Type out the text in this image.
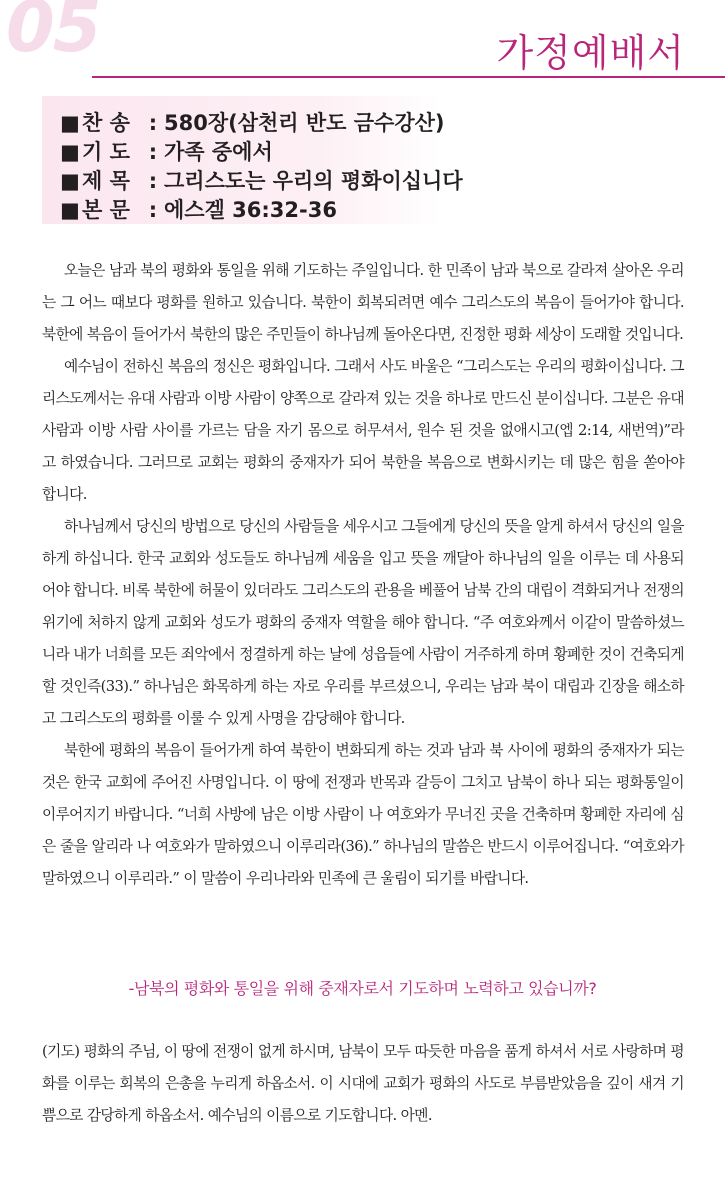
05	가정예배서
■ 찬 송 : 580장(삼천리 반도 금수강산)
■ 기 도 : 가족 중에서
■ 제 목 : 그리스도는 우리의 평화이십니다
■ 본 문 : 에스겔 36:32-36

오늘은 남과 북의 평화와 통일을 위해 기도하는 주일입니다. 한 민족이 남과 북으로 갈라져 살아온 우리는 그 어느 때보다 평화를 원하고 있습니다. 북한이 회복되려면 예수 그리스도의 복음이 들어가야 합니다. 북한에 복음이 들어가서 북한의 많은 주민들이 하나님께 돌아온다면, 진정한 평화 세상이 도래할 것입니다.

예수님이 전하신 복음의 정신은 평화입니다. 그래서 사도 바울은 “그리스도는 우리의 평화이십니다. 그리스도께서는 유대 사람과 이방 사람이 양쪽으로 갈라져 있는 것을 하나로 만드신 분이십니다. 그분은 유대 사람과 이방 사람 사이를 가르는 담을 자기 몸으로 허무셔서, 원수 된 것을 없애시고(엡 2:14, 새번역)”라고 하였습니다. 그러므로 교회는 평화의 중재자가 되어 북한을 복음으로 변화시키는 데 많은 힘을 쏟아야 합니다.

하나님께서 당신의 방법으로 당신의 사람들을 세우시고 그들에게 당신의 뜻을 알게 하셔서 당신의 일을 하게 하십니다. 한국 교회와 성도들도 하나님께 세움을 입고 뜻을 깨달아 하나님의 일을 이루는 데 사용되어야 합니다. 비록 북한에 허물이 있더라도 그리스도의 관용을 베풀어 남북 간의 대립이 격화되거나 전쟁의 위기에 처하지 않게 교회와 성도가 평화의 중재자 역할을 해야 합니다. “주 여호와께서 이같이 말씀하셨느니라 내가 너희를 모든 죄악에서 정결하게 하는 날에 성읍들에 사람이 거주하게 하며 황폐한 것이 건축되게 할 것인즉(33).” 하나님은 화목하게 하는 자로 우리를 부르셨으니, 우리는 남과 북이 대립과 긴장을 해소하고 그리스도의 평화를 이룰 수 있게 사명을 감당해야 합니다.

북한에 평화의 복음이 들어가게 하여 북한이 변화되게 하는 것과 남과 북 사이에 평화의 중재자가 되는 것은 한국 교회에 주어진 사명입니다. 이 땅에 전쟁과 반목과 갈등이 그치고 남북이 하나 되는 평화통일이 이루어지기 바랍니다. “너희 사방에 남은 이방 사람이 나 여호와가 무너진 곳을 건축하며 황폐한 자리에 심은 줄을 알리라 나 여호와가 말하였으니 이루리라(36).” 하나님의 말씀은 반드시 이루어집니다. “여호와가 말하였으니 이루리라.” 이 말씀이 우리나라와 민족에 큰 울림이 되기를 바랍니다.

-남북의 평화와 통일을 위해 중재자로서 기도하며 노력하고 있습니까?

(기도) 평화의 주님, 이 땅에 전쟁이 없게 하시며, 남북이 모두 따듯한 마음을 품게 하셔서 서로 사랑하며 평화를 이루는 회복의 은총을 누리게 하옵소서. 이 시대에 교회가 평화의 사도로 부름받았음을 깊이 새겨 기쁨으로 감당하게 하옵소서. 예수님의 이름으로 기도합니다. 아멘.
